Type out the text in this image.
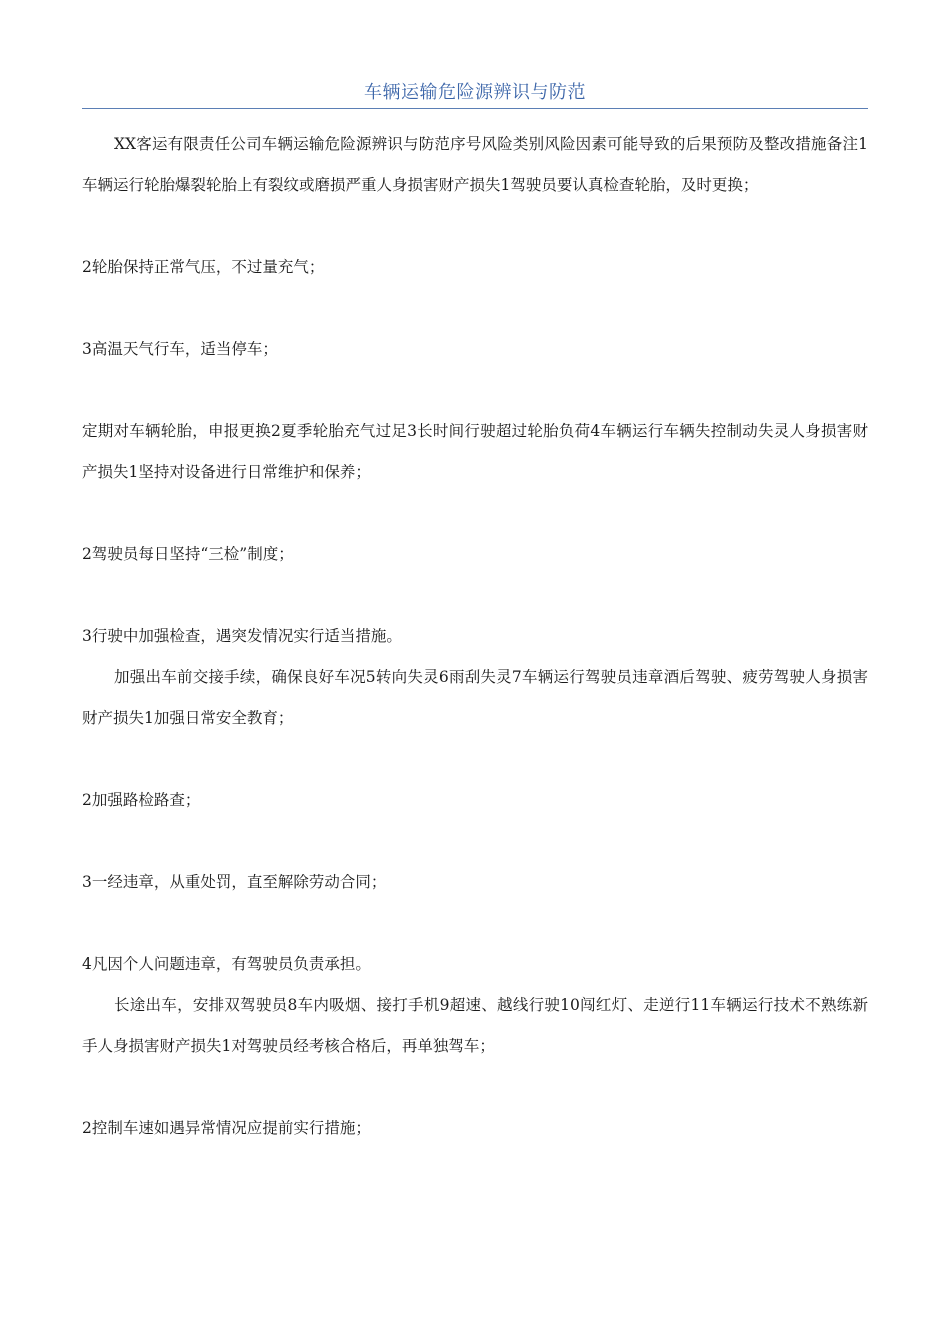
车辆运输危险源辨识与防范

XX客运有限责任公司车辆运输危险源辨识与防范序号风险类别风险因素可能导致的后果预防及整改措施备注1车辆运行轮胎爆裂轮胎上有裂纹或磨损严重人身损害财产损失1驾驶员要认真检查轮胎，及时更换；

2轮胎保持正常气压，不过量充气；

3高温天气行车，适当停车；

定期对车辆轮胎，申报更换2夏季轮胎充气过足3长时间行驶超过轮胎负荷4车辆运行车辆失控制动失灵人身损害财产损失1坚持对设备进行日常维护和保养；

2驾驶员每日坚持“三检”制度；

3行驶中加强检查，遇突发情况实行适当措施。

加强出车前交接手续，确保良好车况5转向失灵6雨刮失灵7车辆运行驾驶员违章酒后驾驶、疲劳驾驶人身损害财产损失1加强日常安全教育；

2加强路检路查；

3一经违章，从重处罚，直至解除劳动合同；

4凡因个人问题违章，有驾驶员负责承担。

长途出车，安排双驾驶员8车内吸烟、接打手机9超速、越线行驶10闯红灯、走逆行11车辆运行技术不熟练新手人身损害财产损失1对驾驶员经考核合格后，再单独驾车；

2控制车速如遇异常情况应提前实行措施；
